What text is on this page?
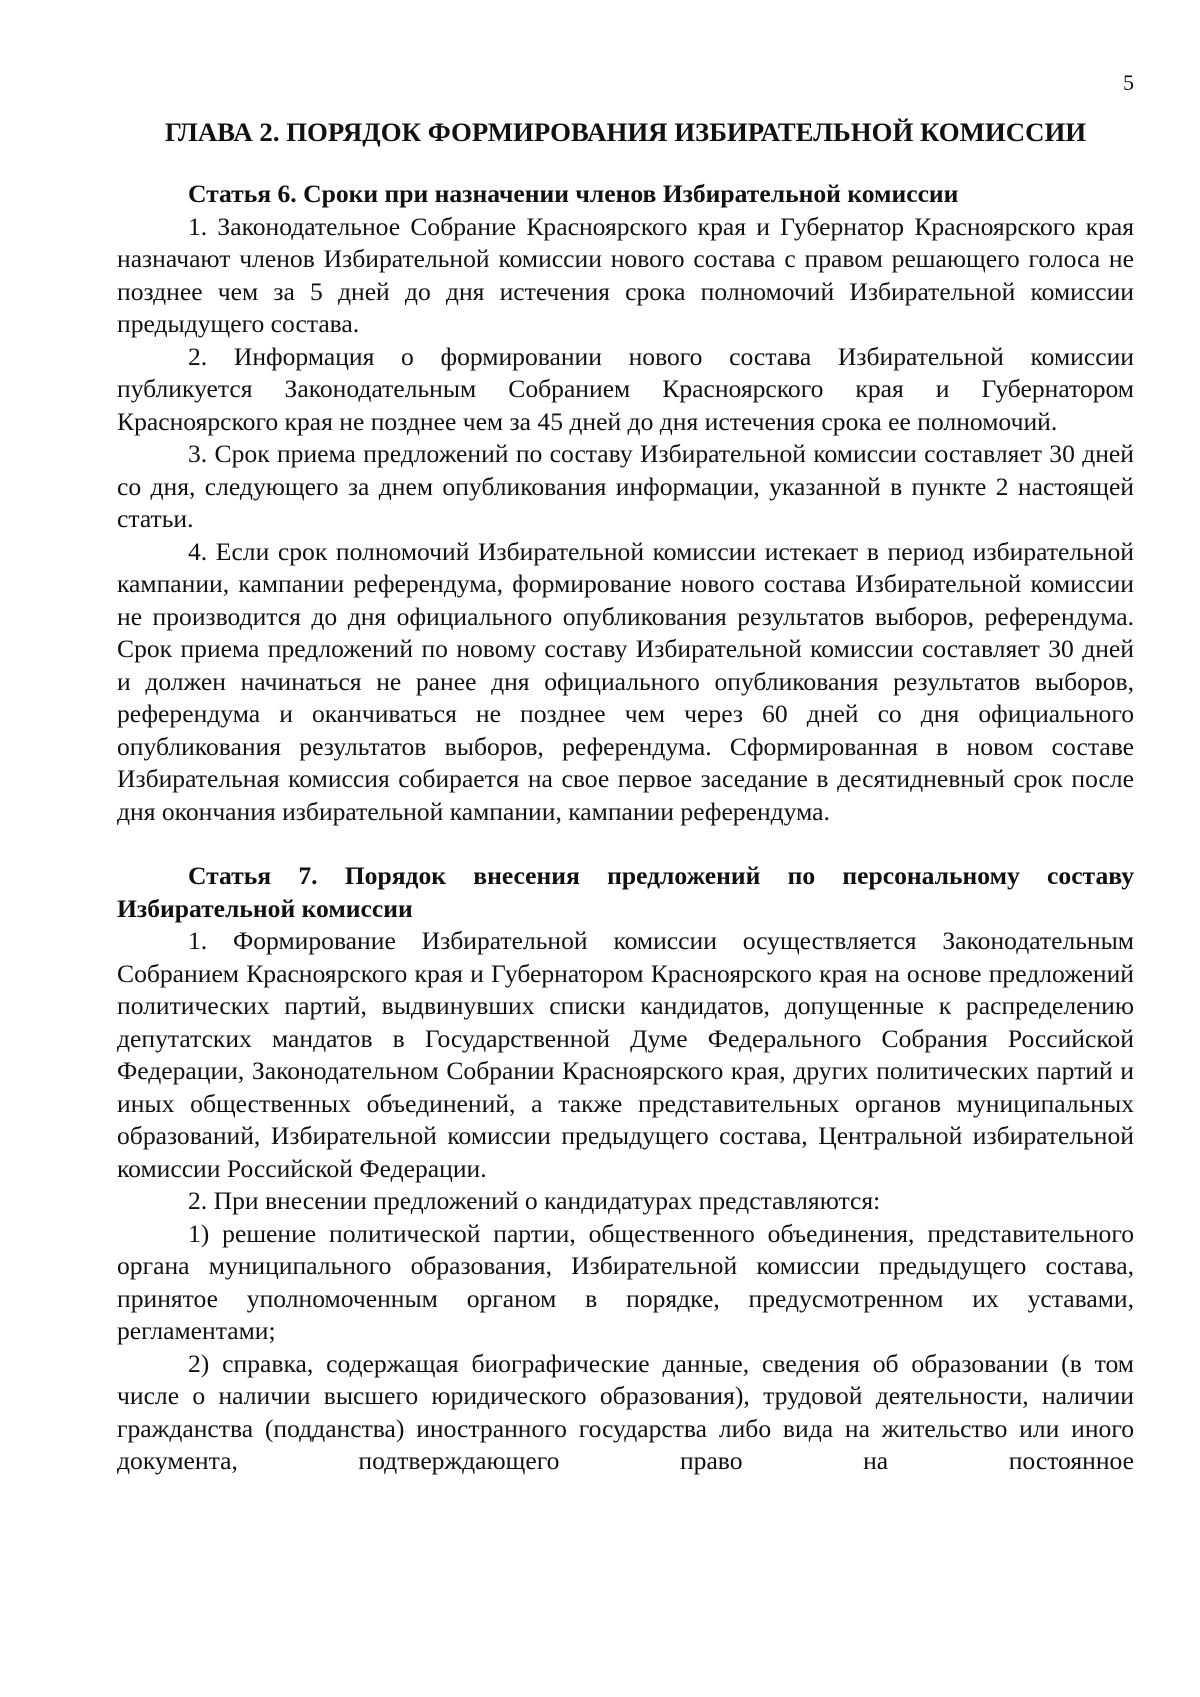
5
ГЛАВА 2. ПОРЯДОК ФОРМИРОВАНИЯ ИЗБИРАТЕЛЬНОЙ КОМИССИИ

Статья 6. Сроки при назначении членов Избирательной комиссии

1. Законодательное Собрание Красноярского края и Губернатор Красноярского края назначают членов Избирательной комиссии нового состава с правом решающего голоса не позднее чем за 5 дней до дня истечения срока полномочий Избирательной комиссии предыдущего состава.

2. Информация о формировании нового состава Избирательной комиссии публикуется Законодательным Собранием Красноярского края и Губернатором Красноярского края не позднее чем за 45 дней до дня истечения срока ее полномочий.

3. Срок приема предложений по составу Избирательной комиссии составляет 30 дней со дня, следующего за днем опубликования информации, указанной в пункте 2 настоящей статьи.

4. Если срок полномочий Избирательной комиссии истекает в период избирательной кампании, кампании референдума, формирование нового состава Избирательной комиссии не производится до дня официального опубликования результатов выборов, референдума. Срок приема предложений по новому составу Избирательной комиссии составляет 30 дней и должен начинаться не ранее дня официального опубликования результатов выборов, референдума и оканчиваться не позднее чем через 60 дней со дня официального опубликования результатов выборов, референдума. Сформированная в новом составе Избирательная комиссия собирается на свое первое заседание в десятидневный срок после дня окончания избирательной кампании, кампании референдума.

Статья 7. Порядок внесения предложений по персональному составу Избирательной комиссии

1. Формирование Избирательной комиссии осуществляется Законодательным Собранием Красноярского края и Губернатором Красноярского края на основе предложений политических партий, выдвинувших списки кандидатов, допущенные к распределению депутатских мандатов в Государственной Думе Федерального Собрания Российской Федерации, Законодательном Собрании Красноярского края, других политических партий и иных общественных объединений, а также представительных органов муниципальных образований, Избирательной комиссии предыдущего состава, Центральной избирательной комиссии Российской Федерации.

2. При внесении предложений о кандидатурах представляются:

1) решение политической партии, общественного объединения, представительного органа муниципального образования, Избирательной комиссии предыдущего состава, принятое уполномоченным органом в порядке, предусмотренном их уставами, регламентами;

2) справка, содержащая биографические данные, сведения об образовании (в том числе о наличии высшего юридического образования), трудовой деятельности, наличии гражданства (подданства) иностранного государства либо вида на жительство или иного документа, подтверждающего право на постоянное
